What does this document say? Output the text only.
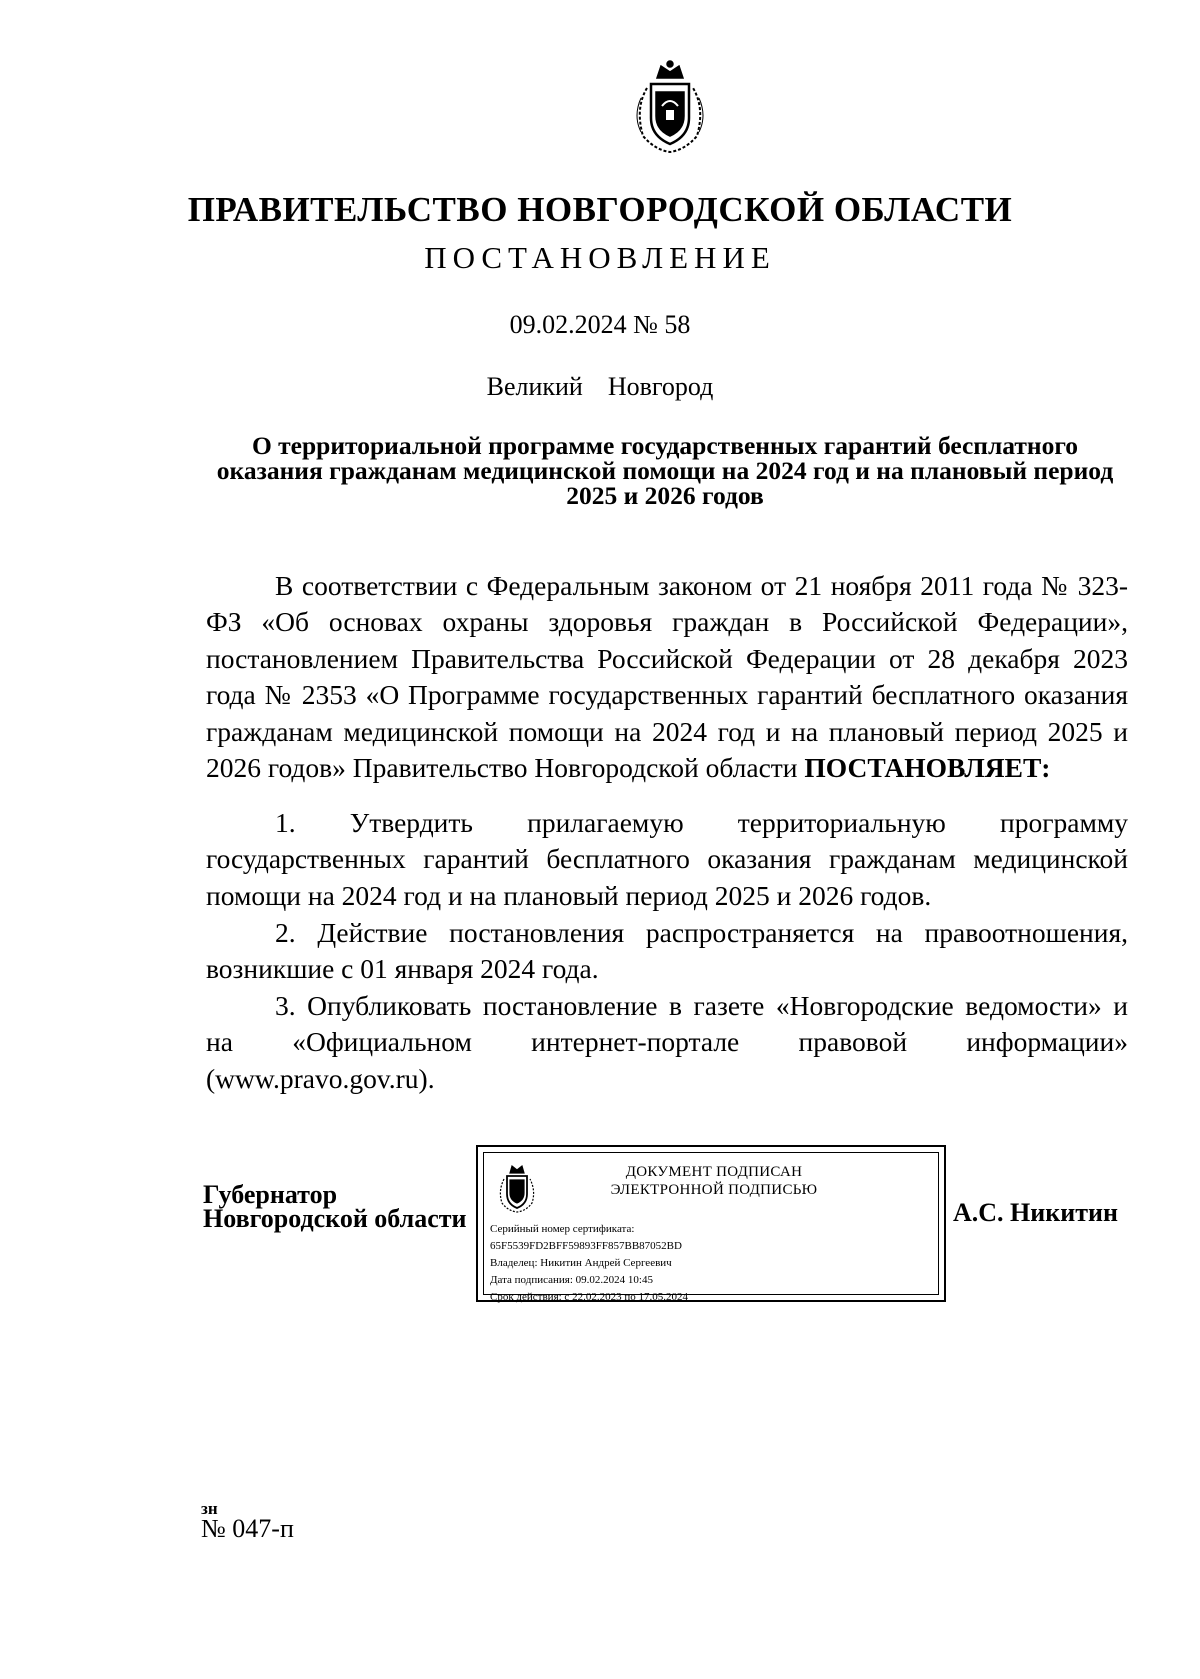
ПРАВИТЕЛЬСТВО НОВГОРОДСКОЙ ОБЛАСТИ
ПОСТАНОВЛЕНИЕ
09.02.2024 № 58
Великий  Новгород
О территориальной программе государственных гарантий бесплатного оказания гражданам медицинской помощи на 2024 год и на плановый период 2025 и 2026 годов

В соответствии с Федеральным законом от 21 ноября 2011 года № 323-ФЗ «Об основах охраны здоровья граждан в Российской Федерации», постановлением Правительства Российской Федерации от 28 декабря 2023 года № 2353 «О Программе государственных гарантий бесплатного оказания гражданам медицинской помощи на 2024 год и на плановый период 2025 и 2026 годов» Правительство Новгородской области ПОСТАНОВЛЯЕТ:

1. Утвердить прилагаемую территориальную программу государственных гарантий бесплатного оказания гражданам медицинской помощи на 2024 год и на плановый период 2025 и 2026 годов.

2. Действие постановления распространяется на правоотношения, возникшие с 01 января 2024 года.

3. Опубликовать постановление в газете «Новгородские ведомости» и на «Официальном интернет-портале правовой информации» (www.pravo.gov.ru).

Губернатор
Новгородской области
ДОКУМЕНТ ПОДПИСАН
ЭЛЕКТРОННОЙ ПОДПИСЬЮ
Серийный номер сертификата:
65F5539FD2BFF59893FF857BB87052BD
Владелец: Никитин Андрей Сергеевич
Дата подписания: 09.02.2024 10:45
Срок действия: с 22.02.2023 по 17.05.2024
А.С. Никитин
зн
№ 047-п
